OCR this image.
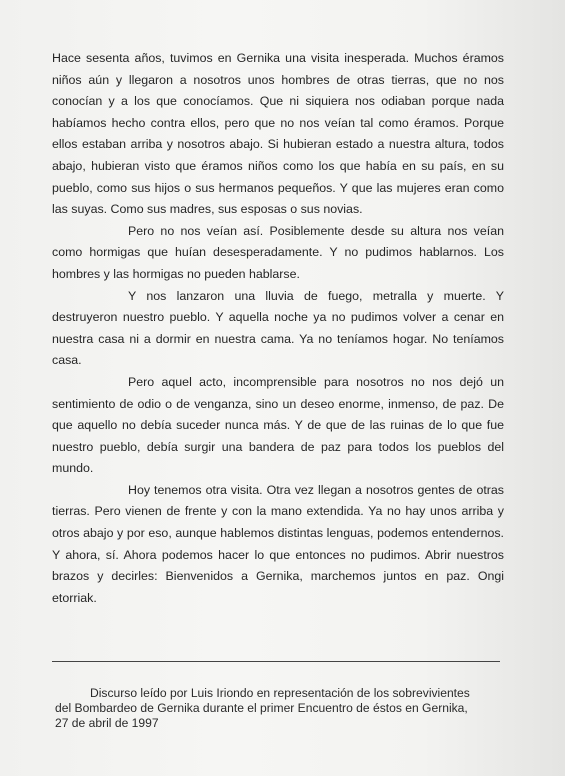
Hace sesenta años, tuvimos en Gernika una visita inesperada. Muchos éramos niños aún y llegaron a nosotros unos hombres de otras tierras, que no nos conocían y a los que conocíamos. Que ni siquiera nos odiaban porque nada habíamos hecho contra ellos, pero que no nos veían tal como éramos. Porque ellos estaban arriba y nosotros abajo. Si hubieran estado a nuestra altura, todos abajo, hubieran visto que éramos niños como los que había en su país, en su pueblo, como sus hijos o sus hermanos pequeños. Y que las mujeres eran como las suyas. Como sus madres, sus esposas o sus novias.

Pero no nos veían así. Posiblemente desde su altura nos veían como hormigas que huían desesperadamente. Y no pudimos hablarnos. Los hombres y las hormigas no pueden hablarse.

Y nos lanzaron una lluvia de fuego, metralla y muerte. Y destruyeron nuestro pueblo. Y aquella noche ya no pudimos volver a cenar en nuestra casa ni a dormir en nuestra cama. Ya no teníamos hogar. No teníamos casa.

Pero aquel acto, incomprensible para nosotros no nos dejó un sentimiento de odio o de venganza, sino un deseo enorme, inmenso, de paz. De que aquello no debía suceder nunca más. Y de que de las ruinas de lo que fue nuestro pueblo, debía surgir una bandera de paz para todos los pueblos del mundo.

Hoy tenemos otra visita. Otra vez llegan a nosotros gentes de otras tierras. Pero vienen de frente y con la mano extendida. Ya no hay unos arriba y otros abajo y por eso, aunque hablemos distintas lenguas, podemos entendernos. Y ahora, sí. Ahora podemos hacer lo que entonces no pudimos. Abrir nuestros brazos y decirles: Bienvenidos a Gernika, marchemos juntos en paz. Ongi etorriak.

Discurso leído por Luis Iriondo en representación de los sobrevivientes
del Bombardeo de Gernika durante el primer Encuentro de éstos en Gernika,
27 de abril de 1997
